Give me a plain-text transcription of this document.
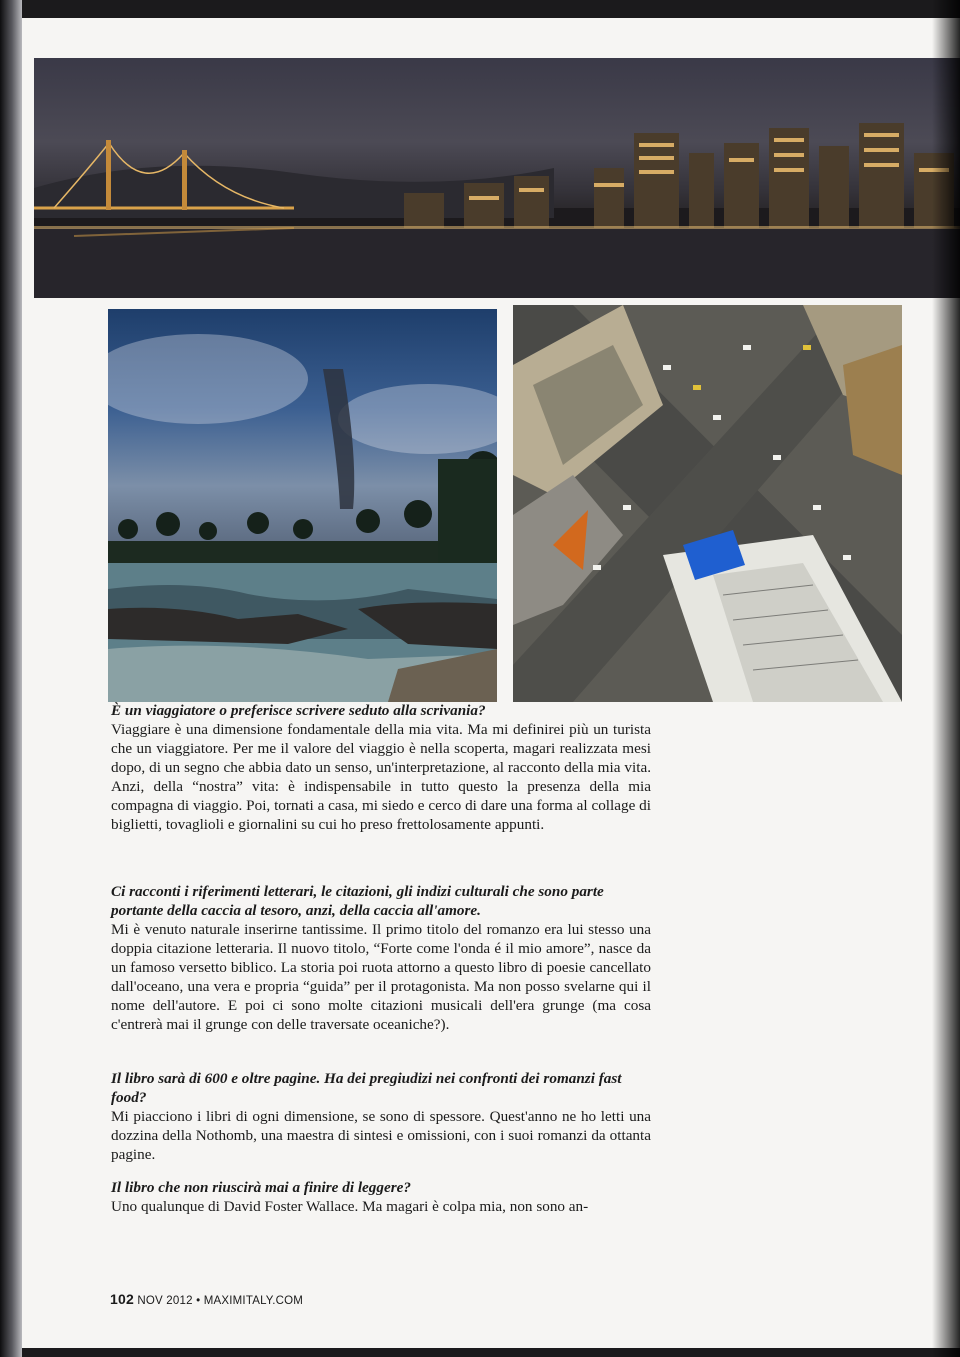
È un viaggiatore o preferisce scrivere seduto alla scrivania?

Viaggiare è una dimensione fondamentale della mia vita. Ma mi definirei più un turista che un viaggiatore. Per me il valore del viaggio è nella scoperta, magari realizzata mesi dopo, di un segno che abbia dato un senso, un'interpretazione, al racconto della mia vita. Anzi, della “nostra” vita: è indispensabile in tutto questo la presenza della mia compagna di viaggio. Poi, tornati a casa, mi siedo e cerco di dare una forma al collage di biglietti, tovaglioli e giornalini su cui ho preso frettolosamente appunti.

Ci racconti i riferimenti letterari, le citazioni, gli indizi culturali che sono parte portante della caccia al tesoro, anzi, della caccia all'amore.

Mi è venuto naturale inserirne tantissime. Il primo titolo del romanzo era lui stesso una doppia citazione letteraria. Il nuovo titolo, “Forte come l'onda é il mio amore”, nasce da un famoso versetto biblico. La storia poi ruota attorno a questo libro di poesie cancellato dall'oceano, una vera e propria “guida” per il protagonista. Ma non posso svelarne qui il nome dell'autore. E poi ci sono molte citazioni musicali dell'era grunge (ma cosa c'entrerà mai il grunge con delle traversate oceaniche?).

Il libro sarà di 600 e oltre pagine. Ha dei pregiudizi nei confronti dei romanzi fast food?

Mi piacciono i libri di ogni dimensione, se sono di spessore. Quest'anno ne ho letti una dozzina della Nothomb, una maestra di sintesi e omissioni, con i suoi romanzi da ottanta pagine.

Il libro che non riuscirà mai a finire di leggere?

Uno qualunque di David Foster Wallace. Ma magari è colpa mia, non sono an-

102 NOV 2012 • MAXIMITALY.COM
